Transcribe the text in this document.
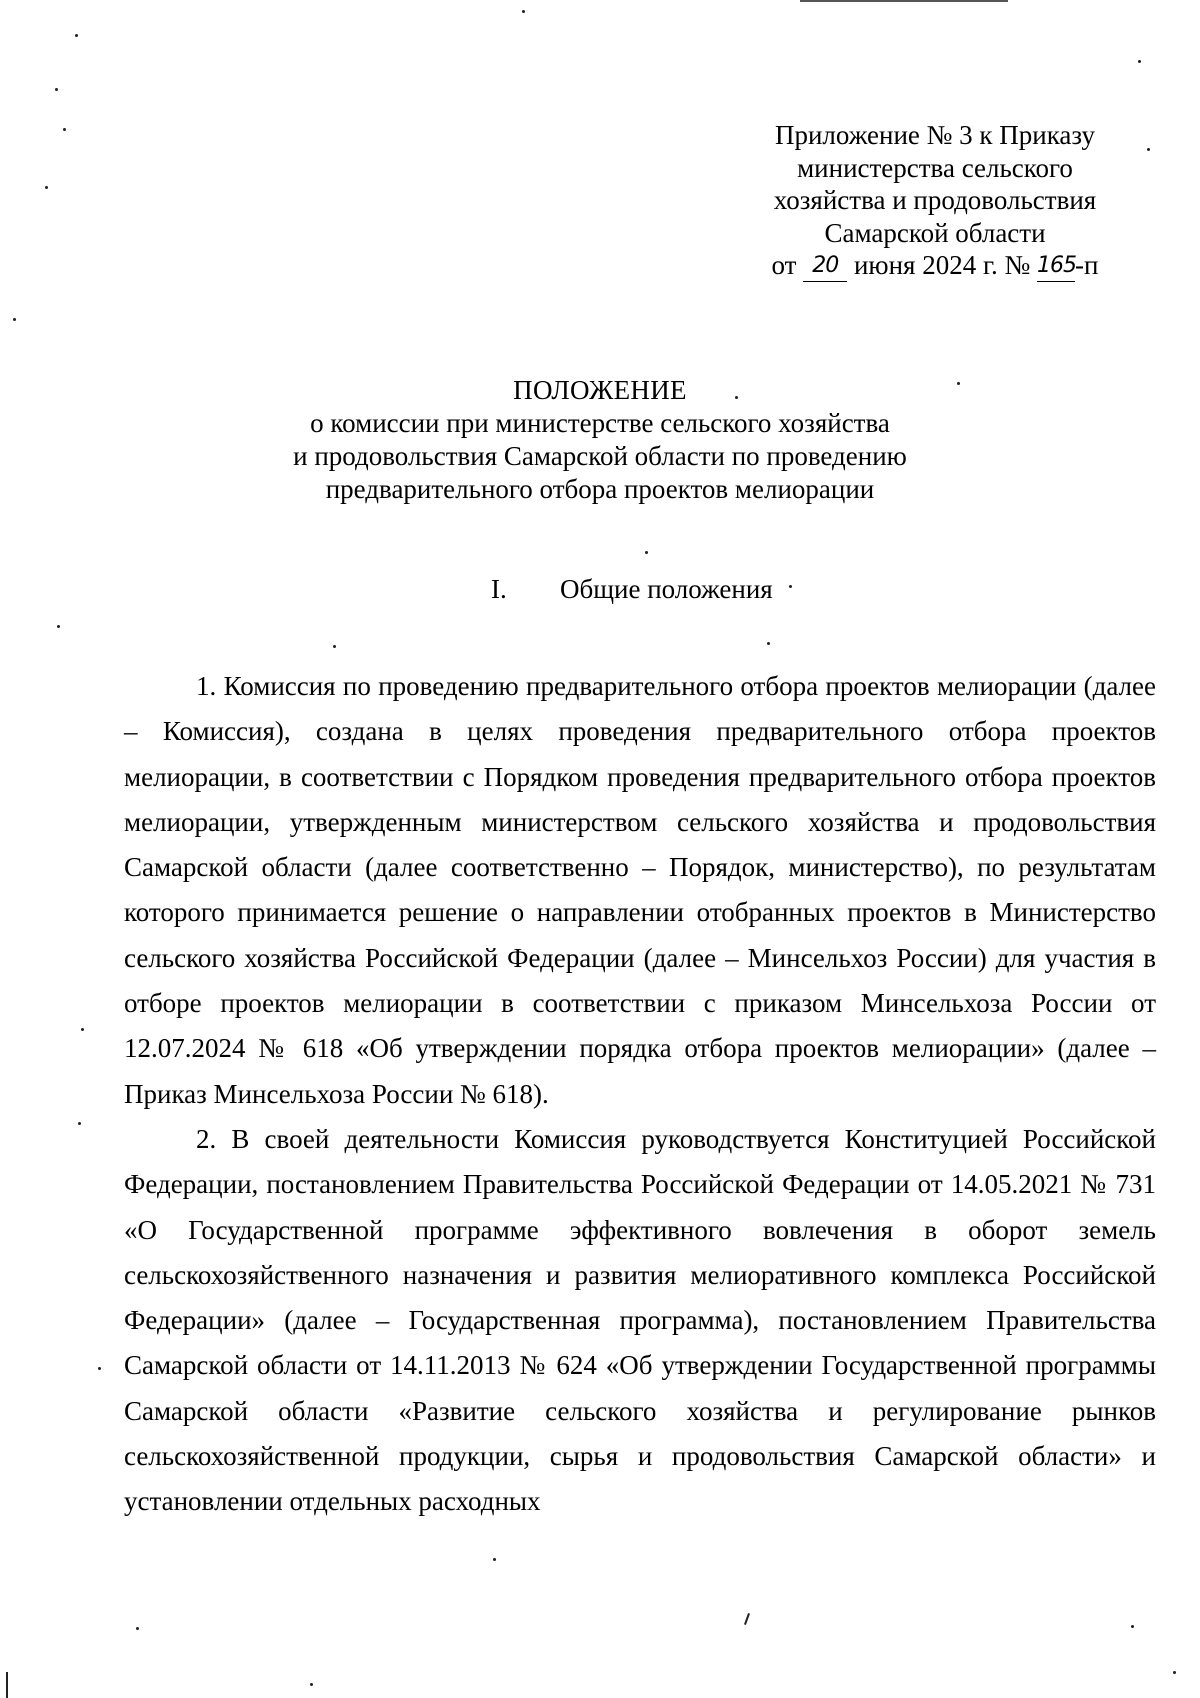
Приложение № 3 к Приказу
министерства сельского
хозяйства и продовольствия
Самарской области
от 20 июня 2024 г. № 165-п
ПОЛОЖЕНИЕ
о комиссии при министерстве сельского хозяйства
и продовольствия Самарской области по проведению
предварительного отбора проектов мелиорации
I. Общие положения

1. Комиссия по проведению предварительного отбора проектов мелиорации (далее – Комиссия), создана в целях проведения предварительного отбора проектов мелиорации, в соответствии с Порядком проведения предварительного отбора проектов мелиорации, утвержденным министерством сельского хозяйства и продовольствия Самарской области (далее соответственно – Порядок, министерство), по результатам которого принимается решение о направлении отобранных проектов в Министерство сельского хозяйства Российской Федерации (далее – Минсельхоз России) для участия в отборе проектов мелиорации в соответствии с приказом Минсельхоза России от 12.07.2024 № 618 «Об утверждении порядка отбора проектов мелиорации» (далее – Приказ Минсельхоза России № 618).

2. В своей деятельности Комиссия руководствуется Конституцией Российской Федерации, постановлением Правительства Российской Федерации от 14.05.2021 № 731 «О Государственной программе эффективного вовлечения в оборот земель сельскохозяйственного назначения и развития мелиоративного комплекса Российской Федерации» (далее – Государственная программа), постановлением Правительства Самарской области от 14.11.2013 № 624 «Об утверждении Государственной программы Самарской области «Развитие сельского хозяйства и регулирование рынков сельскохозяйственной продукции, сырья и продовольствия Самарской области» и установлении отдельных расходных
